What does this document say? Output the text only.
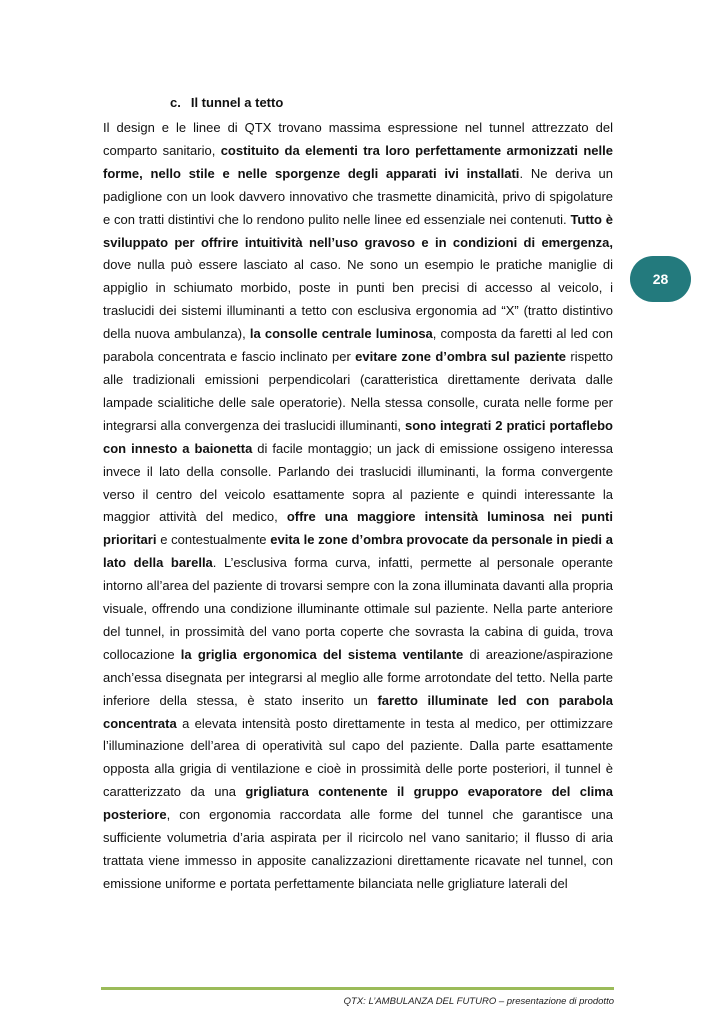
c. Il tunnel a tetto

Il design e le linee di QTX trovano massima espressione nel tunnel attrezzato del comparto sanitario, costituito da elementi tra loro perfettamente armonizzati nelle forme, nello stile e nelle sporgenze degli apparati ivi installati. Ne deriva un padiglione con un look davvero innovativo che trasmette dinamicità, privo di spigolature e con tratti distintivi che lo rendono pulito nelle linee ed essenziale nei contenuti. Tutto è sviluppato per offrire intuitività nell’uso gravoso e in condizioni di emergenza, dove nulla può essere lasciato al caso. Ne sono un esempio le pratiche maniglie di appiglio in schiumato morbido, poste in punti ben precisi di accesso al veicolo, i traslucidi dei sistemi illuminanti a tetto con esclusiva ergonomia ad “X” (tratto distintivo della nuova ambulanza), la consolle centrale luminosa, composta da faretti al led con parabola concentrata e fascio inclinato per evitare zone d’ombra sul paziente rispetto alle tradizionali emissioni perpendicolari (caratteristica direttamente derivata dalle lampade scialitiche delle sale operatorie). Nella stessa consolle, curata nelle forme per integrarsi alla convergenza dei traslucidi illuminanti, sono integrati 2 pratici portaflebo con innesto a baionetta di facile montaggio; un jack di emissione ossigeno interessa invece il lato della consolle. Parlando dei traslucidi illuminanti, la forma convergente verso il centro del veicolo esattamente sopra al paziente e quindi interessante la maggior attività del medico, offre una maggiore intensità luminosa nei punti prioritari e contestualmente evita le zone d’ombra provocate da personale in piedi a lato della barella. L’esclusiva forma curva, infatti, permette al personale operante intorno all’area del paziente di trovarsi sempre con la zona illuminata davanti alla propria visuale, offrendo una condizione illuminante ottimale sul paziente. Nella parte anteriore del tunnel, in prossimità del vano porta coperte che sovrasta la cabina di guida, trova collocazione la griglia ergonomica del sistema ventilante di areazione/aspirazione anch’essa disegnata per integrarsi al meglio alle forme arrotondate del tetto. Nella parte inferiore della stessa, è stato inserito un faretto illuminate led con parabola concentrata a elevata intensità posto direttamente in testa al medico, per ottimizzare l’illuminazione dell’area di operatività sul capo del paziente. Dalla parte esattamente opposta alla grigia di ventilazione e cioè in prossimità delle porte posteriori, il tunnel è caratterizzato da una grigliatura contenente il gruppo evaporatore del clima posteriore, con ergonomia raccordata alle forme del tunnel che garantisce una sufficiente volumetria d’aria aspirata per il ricircolo nel vano sanitario; il flusso di aria trattata viene immesso in apposite canalizzazioni direttamente ricavate nel tunnel, con emissione uniforme e portata perfettamente bilanciata nelle grigliature laterali del

28
QTX: L’AMBULANZA DEL FUTURO – presentazione di prodotto
